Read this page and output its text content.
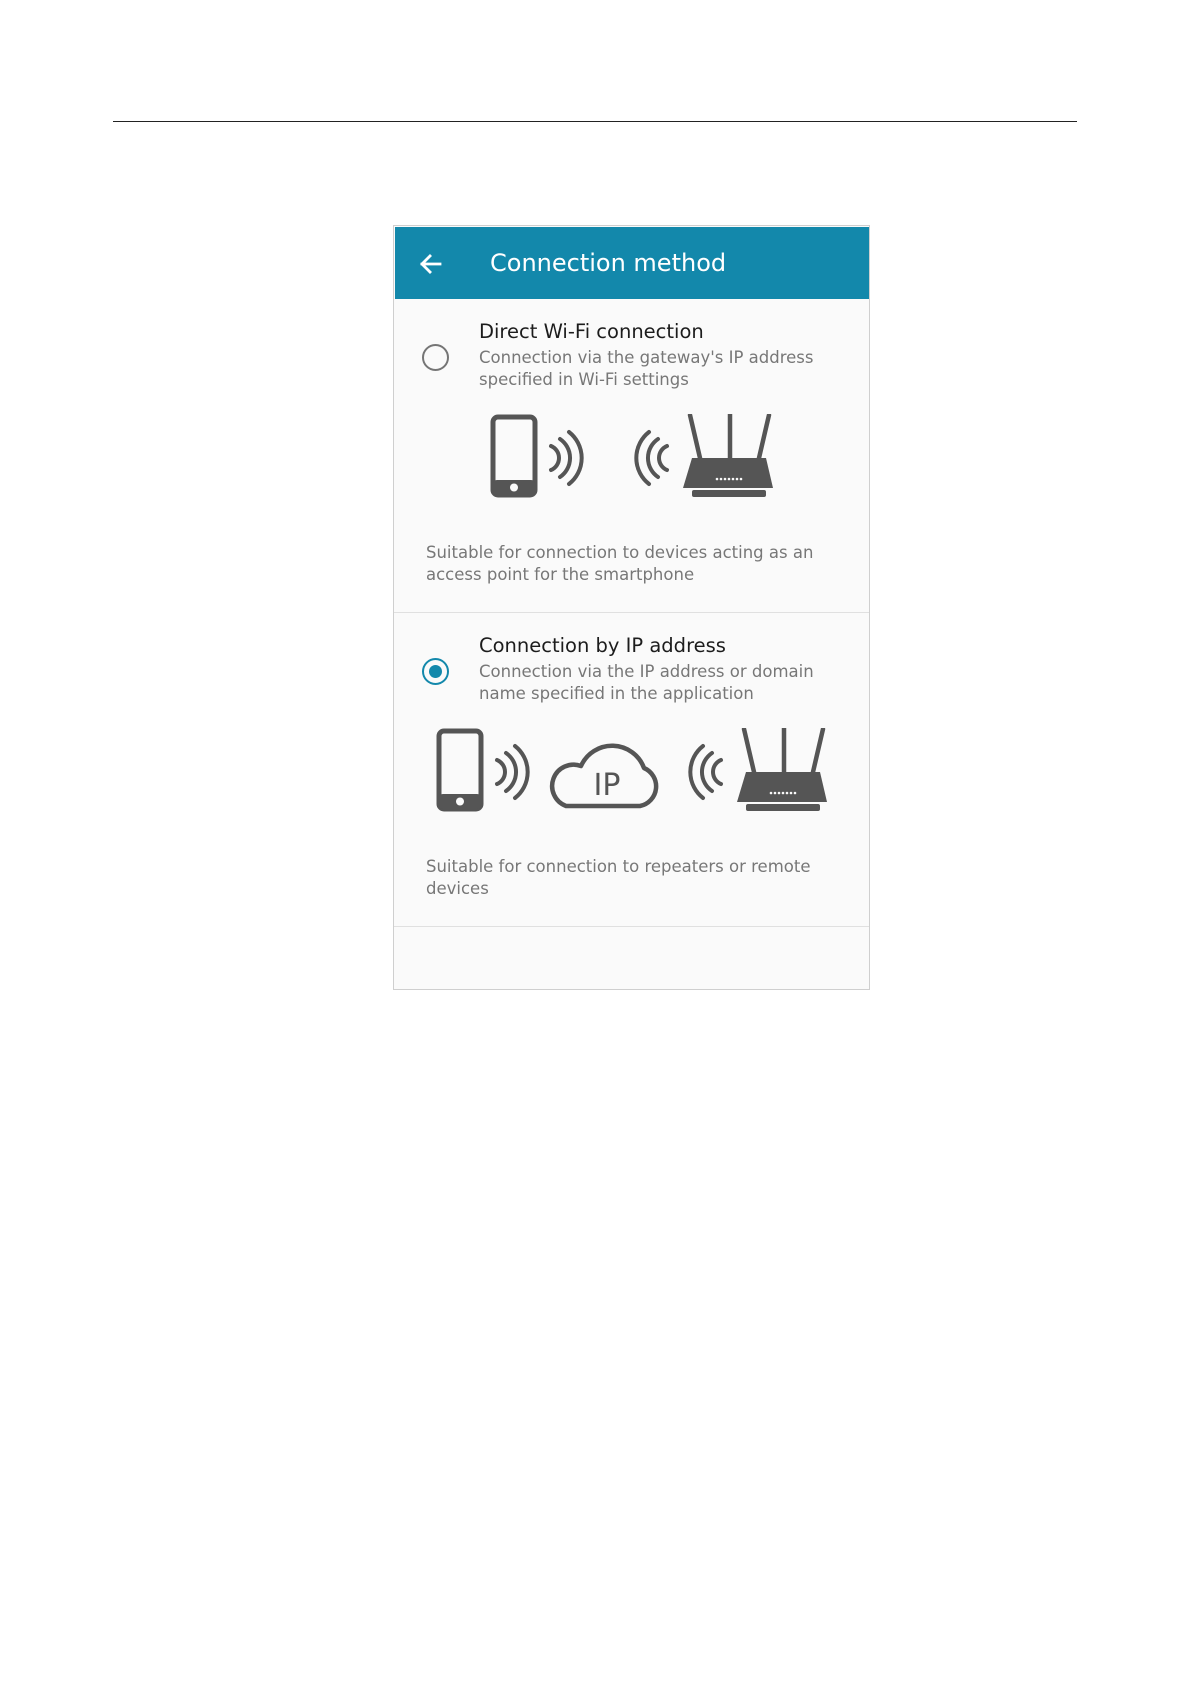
Connection method
Direct Wi-Fi connection
Connection via the gateway's IP address specified in Wi-Fi settings
Suitable for connection to devices acting as an access point for the smartphone
Connection by IP address
Connection via the IP address or domain name specified in the application
IP
Suitable for connection to repeaters or remote devices
